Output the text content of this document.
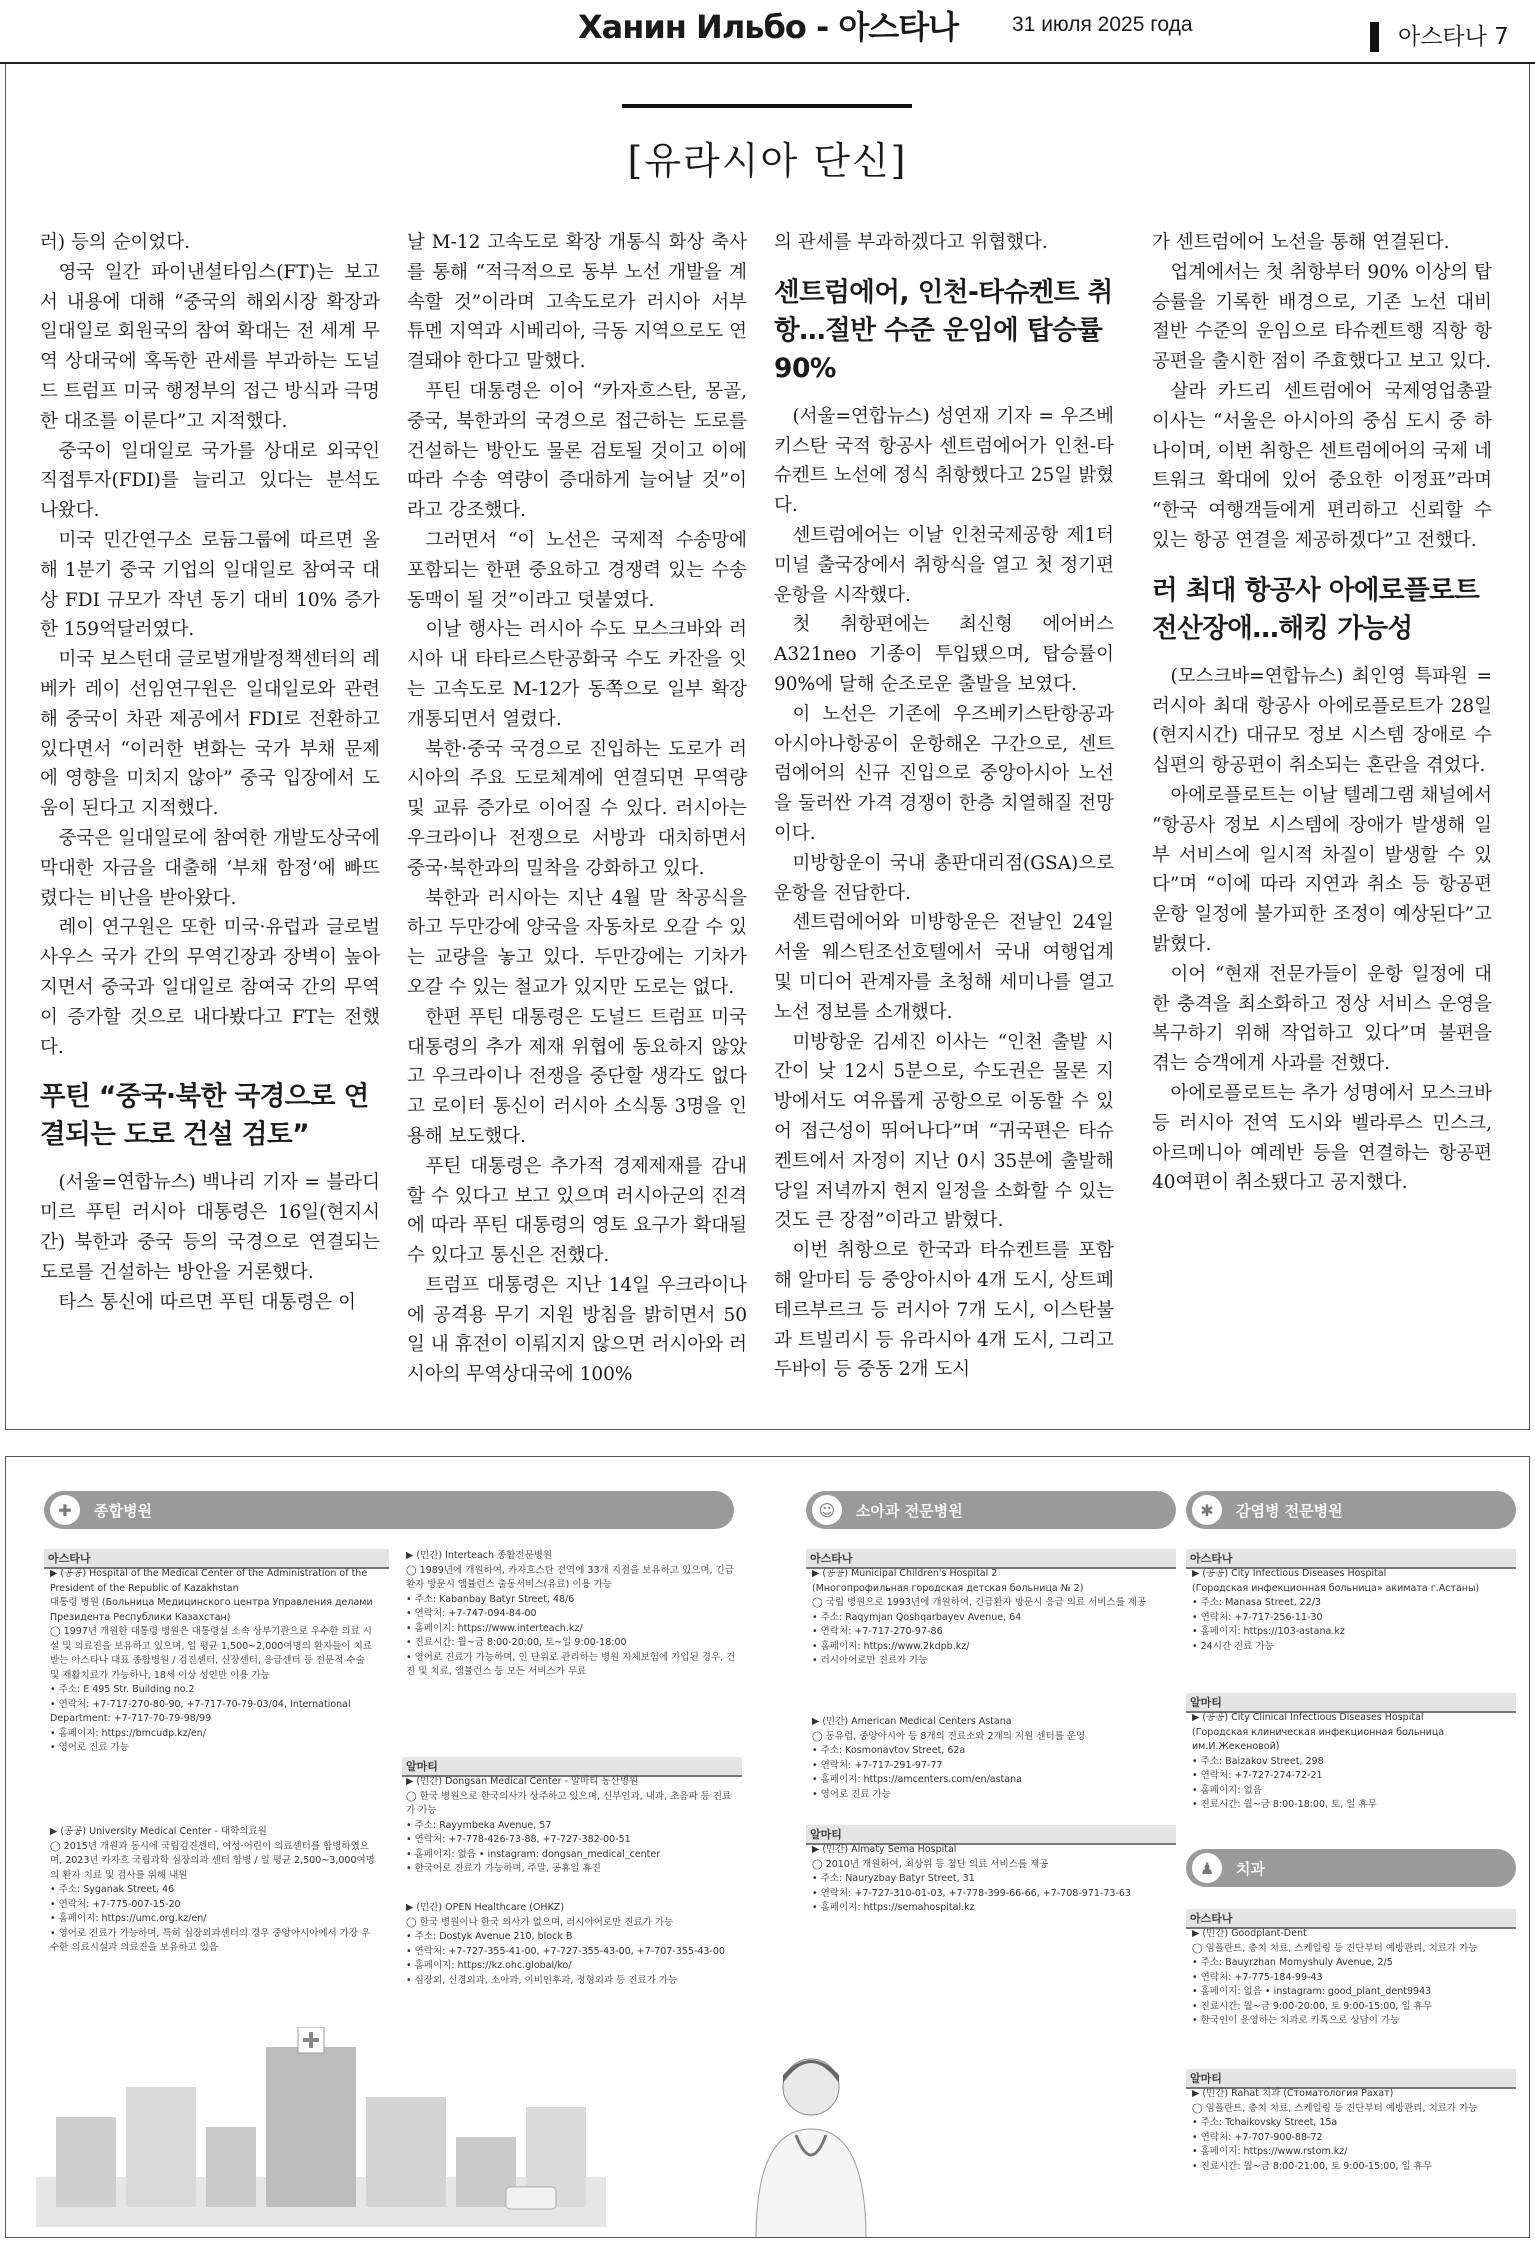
Ханин Ильбо - 아스타나	31 июля 2025 года	아스타나 7
[유라시아 단신]

러) 등의 순이었다.

영국 일간 파이낸셜타임스(FT)는 보고서 내용에 대해 “중국의 해외시장 확장과 일대일로 회원국의 참여 확대는 전 세계 무역 상대국에 혹독한 관세를 부과하는 도널드 트럼프 미국 행정부의 접근 방식과 극명한 대조를 이룬다”고 지적했다.

중국이 일대일로 국가를 상대로 외국인직접투자(FDI)를 늘리고 있다는 분석도 나왔다.

미국 민간연구소 로듐그룹에 따르면 올해 1분기 중국 기업의 일대일로 참여국 대상 FDI 규모가 작년 동기 대비 10% 증가한 159억달러였다.

미국 보스턴대 글로벌개발정책센터의 레베카 레이 선임연구원은 일대일로와 관련해 중국이 차관 제공에서 FDI로 전환하고 있다면서 “이러한 변화는 국가 부채 문제에 영향을 미치지 않아” 중국 입장에서 도움이 된다고 지적했다.

중국은 일대일로에 참여한 개발도상국에 막대한 자금을 대출해 ‘부채 함정’에 빠뜨렸다는 비난을 받아왔다.

레이 연구원은 또한 미국·유럽과 글로벌사우스 국가 간의 무역긴장과 장벽이 높아지면서 중국과 일대일로 참여국 간의 무역이 증가할 것으로 내다봤다고 FT는 전했다.

푸틴 “중국·북한 국경으로 연결되는 도로 건설 검토”

(서울=연합뉴스) 백나리 기자 = 블라디미르 푸틴 러시아 대통령은 16일(현지시간) 북한과 중국 등의 국경으로 연결되는 도로를 건설하는 방안을 거론했다.

타스 통신에 따르면 푸틴 대통령은 이

날 M-12 고속도로 확장 개통식 화상 축사를 통해 “적극적으로 동부 노선 개발을 계속할 것”이라며 고속도로가 러시아 서부 튜멘 지역과 시베리아, 극동 지역으로도 연결돼야 한다고 말했다.

푸틴 대통령은 이어 “카자흐스탄, 몽골, 중국, 북한과의 국경으로 접근하는 도로를 건설하는 방안도 물론 검토될 것이고 이에 따라 수송 역량이 증대하게 늘어날 것”이라고 강조했다.

그러면서 “이 노선은 국제적 수송망에 포함되는 한편 중요하고 경쟁력 있는 수송 동맥이 될 것”이라고 덧붙였다.

이날 행사는 러시아 수도 모스크바와 러시아 내 타타르스탄공화국 수도 카잔을 잇는 고속도로 M-12가 동쪽으로 일부 확장 개통되면서 열렸다.

북한·중국 국경으로 진입하는 도로가 러시아의 주요 도로체계에 연결되면 무역량 및 교류 증가로 이어질 수 있다. 러시아는 우크라이나 전쟁으로 서방과 대치하면서 중국·북한과의 밀착을 강화하고 있다.

북한과 러시아는 지난 4월 말 착공식을 하고 두만강에 양국을 자동차로 오갈 수 있는 교량을 놓고 있다. 두만강에는 기차가 오갈 수 있는 철교가 있지만 도로는 없다.

한편 푸틴 대통령은 도널드 트럼프 미국 대통령의 추가 제재 위협에 동요하지 않았고 우크라이나 전쟁을 중단할 생각도 없다고 로이터 통신이 러시아 소식통 3명을 인용해 보도했다.

푸틴 대통령은 추가적 경제제재를 감내할 수 있다고 보고 있으며 러시아군의 진격에 따라 푸틴 대통령의 영토 요구가 확대될 수 있다고 통신은 전했다.

트럼프 대통령은 지난 14일 우크라이나에 공격용 무기 지원 방침을 밝히면서 50일 내 휴전이 이뤄지지 않으면 러시아와 러시아의 무역상대국에 100%

의 관세를 부과하겠다고 위협했다.

센트럼에어, 인천-타슈켄트 취항…절반 수준 운임에 탑승률 90%

(서울=연합뉴스) 성연재 기자 = 우즈베키스탄 국적 항공사 센트럼에어가 인천-타슈켄트 노선에 정식 취항했다고 25일 밝혔다.

센트럼에어는 이날 인천국제공항 제1터미널 출국장에서 취항식을 열고 첫 정기편 운항을 시작했다.

첫 취항편에는 최신형 에어버스 A321neo 기종이 투입됐으며, 탑승률이 90%에 달해 순조로운 출발을 보였다.

이 노선은 기존에 우즈베키스탄항공과 아시아나항공이 운항해온 구간으로, 센트럼에어의 신규 진입으로 중앙아시아 노선을 둘러싼 가격 경쟁이 한층 치열해질 전망이다.

미방항운이 국내 총판대리점(GSA)으로 운항을 전담한다.

센트럼에어와 미방항운은 전날인 24일 서울 웨스틴조선호텔에서 국내 여행업계 및 미디어 관계자를 초청해 세미나를 열고 노선 정보를 소개했다.

미방항운 김세진 이사는 “인천 출발 시간이 낮 12시 5분으로, 수도권은 물론 지방에서도 여유롭게 공항으로 이동할 수 있어 접근성이 뛰어나다”며 “귀국편은 타슈켄트에서 자정이 지난 0시 35분에 출발해 당일 저녁까지 현지 일정을 소화할 수 있는 것도 큰 장점”이라고 밝혔다.

이번 취항으로 한국과 타슈켄트를 포함해 알마티 등 중앙아시아 4개 도시, 상트페테르부르크 등 러시아 7개 도시, 이스탄불과 트빌리시 등 유라시아 4개 도시, 그리고 두바이 등 중동 2개 도시

가 센트럼에어 노선을 통해 연결된다.

업계에서는 첫 취항부터 90% 이상의 탑승률을 기록한 배경으로, 기존 노선 대비 절반 수준의 운임으로 타슈켄트행 직항 항공편을 출시한 점이 주효했다고 보고 있다.

살라 카드리 센트럼에어 국제영업총괄 이사는 “서울은 아시아의 중심 도시 중 하나이며, 이번 취항은 센트럼에어의 국제 네트워크 확대에 있어 중요한 이정표”라며 “한국 여행객들에게 편리하고 신뢰할 수 있는 항공 연결을 제공하겠다”고 전했다.

러 최대 항공사 아에로플로트 전산장애…해킹 가능성

(모스크바=연합뉴스) 최인영 특파원 = 러시아 최대 항공사 아에로플로트가 28일(현지시간) 대규모 정보 시스템 장애로 수십편의 항공편이 취소되는 혼란을 겪었다.

아에로플로트는 이날 텔레그램 채널에서 “항공사 정보 시스템에 장애가 발생해 일부 서비스에 일시적 차질이 발생할 수 있다”며 “이에 따라 지연과 취소 등 항공편 운항 일정에 불가피한 조정이 예상된다”고 밝혔다.

이어 “현재 전문가들이 운항 일정에 대한 충격을 최소화하고 정상 서비스 운영을 복구하기 위해 작업하고 있다”며 불편을 겪는 승객에게 사과를 전했다.

아에로플로트는 추가 성명에서 모스크바 등 러시아 전역 도시와 벨라루스 민스크, 아르메니아 예레반 등을 연결하는 항공편 40여편이 취소됐다고 공지했다.

✚	종합병원	☺	소아과 전문병원	✱	감염병 전문병원
아스타나
▶ (공공) Hospital of the Medical Center of the Administration of the President of the Republic of Kazakhstan
대통령 병원 (Больница Медицинского центра Управления делами Президента Республики Казахстан)
◯ 1997년 개원한 대통령 병원은 대통령실 소속 상부기관으로 우수한 의료 시설 및 의료진을 보유하고 있으며, 일 평균 1,500~2,000여명의 환자들이 치료 받는 아스타나 대표 종합병원 / 검진센터, 신장센터, 응급센터 등 전문적 수술 및 재활치료가 가능하나, 18세 이상 성인만 이용 가능
• 주소: E 495 Str. Building no.2
• 연락처: +7-717-270-80-90, +7-717-70-79-03/04, International Department: +7-717-70-79-98/99
• 홈페이지: https://bmcudp.kz/en/
• 영어로 진료 가능
▶ (공공) University Medical Center - 대학의료원
◯ 2015년 개원과 동시에 국립검진센터, 여성·어린이 의료센터를 합병하였으며, 2023년 카자흐 국립과학 심장의과 센터 합병 / 일 평균 2,500~3,000여명의 환자 치료 및 검사를 위해 내원
• 주소: Syganak Street, 46
• 연락처: +7-775-007-15-20
• 홈페이지: https://umc.org.kz/en/
• 영어로 진료가 가능하며, 특히 심장외과센터의 경우 중앙아시아에서 가장 우수한 의료시설과 의료진을 보유하고 있음
▶ (민간) Interteach 종합전문병원
◯ 1989년에 개원하여, 카자흐스탄 전역에 33개 지점을 보유하고 있으며, 긴급환자 방문시 앰뷸런스 출동서비스(유료) 이용 가능
• 주소: Kabanbay Batyr Street, 48/6
• 연락처: +7-747-094-84-00
• 홈페이지: https://www.interteach.kz/
• 진료시간: 월~금 8:00-20:00, 토~일 9:00-18:00
• 영어로 진료가 가능하며, 인 단위로 관리하는 병원 자체보험에 가입된 경우, 건진 및 치료, 앰뷸런스 등 모든 서비스가 무료
알마티
▶ (민간) Dongsan Medical Center - 알마티 동산병원
◯ 한국 병원으로 한국의사가 상주하고 있으며, 신부인과, 내과, 초음파 등 진료가 가능
• 주소: Rayymbeka Avenue, 57
• 연락처: +7-778-426-73-88, +7-727-382-00-51
• 홈페이지: 없음 • instagram: dongsan_medical_center
• 한국어로 진료가 가능하며, 주말, 공휴일 휴진
▶ (민간) OPEN Healthcare (OHKZ)
◯ 한국 병원이나 한국 의사가 없으며, 러시아어로만 진료가 가능
• 주소: Dostyk Avenue 210, block B
• 연락처: +7-727-355-41-00, +7-727-355-43-00, +7-707-355-43-00
• 홈페이지: https://kz.ohc.global/ko/
• 심장외, 신경외과, 소아과, 이비인후과, 정형외과 등 진료가 가능
아스타나
▶ (공공) Municipal Children's Hospital 2
(Многопрофильная городская детская больница № 2)
◯ 국립 병원으로 1993년에 개원하여, 긴급환자 방문시 응급 의료 서비스를 제공
• 주소: Raqymjan Qoshqarbayev Avenue, 64
• 연락처: +7-717-270-97-86
• 홈페이지: https://www.2kdpb.kz/
• 러시아어로만 진료가 가능
▶ (민간) American Medical Centers Astana
◯ 동유럽, 중앙아시아 등 8개의 진료소와 2개의 지원 센터를 운영
• 주소: Kosmonavtov Street, 62a
• 연락처: +7-717-291-97-77
• 홈페이지: https://amcenters.com/en/astana
• 영어로 진료 가능
알마티
▶ (민간) Almaty Sema Hospital
◯ 2010년 개원하여, 최상위 등 첨단 의료 서비스를 제공
• 주소: Nauryzbay Batyr Street, 31
• 연락처: +7-727-310-01-03, +7-778-399-66-66, +7-708-971-73-63
• 홈페이지: https://semahospital.kz
아스타나
▶ (공공) City Infectious Diseases Hospital
(Городская инфекционная больница» акимата г.Астаны)
• 주소: Manasa Street, 22/3
• 연락처: +7-717-256-11-30
• 홈페이지: https://103-astana.kz
• 24시간 진료 가능
알마티
▶ (공공) City Clinical Infectious Diseases Hospital
(Городская клиническая инфекционная больница им.И.Жекеновой)
• 주소: Baizakov Street, 298
• 연락처: +7-727-274-72-21
• 홈페이지: 없음
• 진료시간: 월~금 8:00-18:00, 토, 일 휴무
♟	치과
아스타나
▶ (민간) Goodplant-Dent
◯ 임플란트, 충치 치료, 스케일링 등 진단부터 예방관리, 치료가 가능
• 주소: Bauyrzhan Momyshuly Avenue, 2/5
• 연락처: +7-775-184-99-43
• 홈페이지: 없음 • instagram: good_plant_dent9943
• 진료시간: 월~금 9:00-20:00, 토 9:00-15:00, 일 휴무
• 한국인이 운영하는 치과로 카톡으로 상담이 가능
알마티
▶ (민간) Rahat 치과 (Стоматология Рахат)
◯ 임플란트, 충치 치료, 스케일링 등 진단부터 예방관리, 치료가 가능
• 주소: Tchaikovsky Street, 15a
• 연락처: +7-707-900-88-72
• 홈페이지: https://www.rstom.kz/
• 진료시간: 월~금 8:00-21:00, 토 9:00-15:00, 일 휴무
